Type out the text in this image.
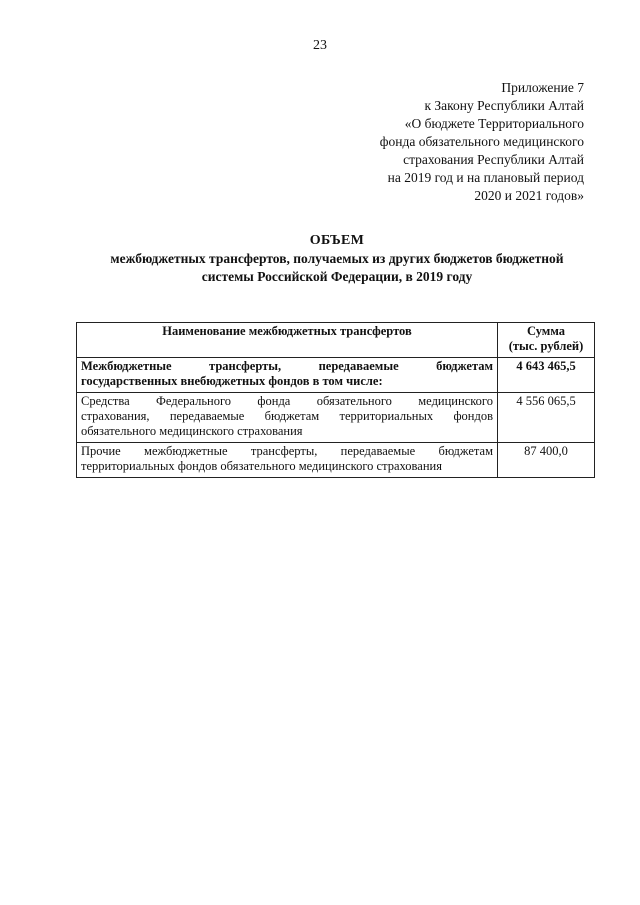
23
Приложение 7
к Закону Республики Алтай
«О бюджете Территориального
фонда обязательного медицинского
страхования Республики Алтай
на 2019 год и на плановый период
2020 и 2021 годов»
ОБЪЕМ
межбюджетных трансфертов, получаемых из других бюджетов бюджетной
системы Российской Федерации, в 2019 году
Наименование межбюджетных трансфертов	Сумма
(тыс. рублей)

Межбюджетные трансферты, передаваемые бюджетам
государственных внебюджетных фондов в том числе:	4 643 465,5

Средства Федерального фонда обязательного медицинского
страхования, передаваемые бюджетам территориальных фондов
обязательного медицинского страхования	4 556 065,5

Прочие межбюджетные трансферты, передаваемые бюджетам
территориальных фондов обязательного медицинского страхования	87 400,0
